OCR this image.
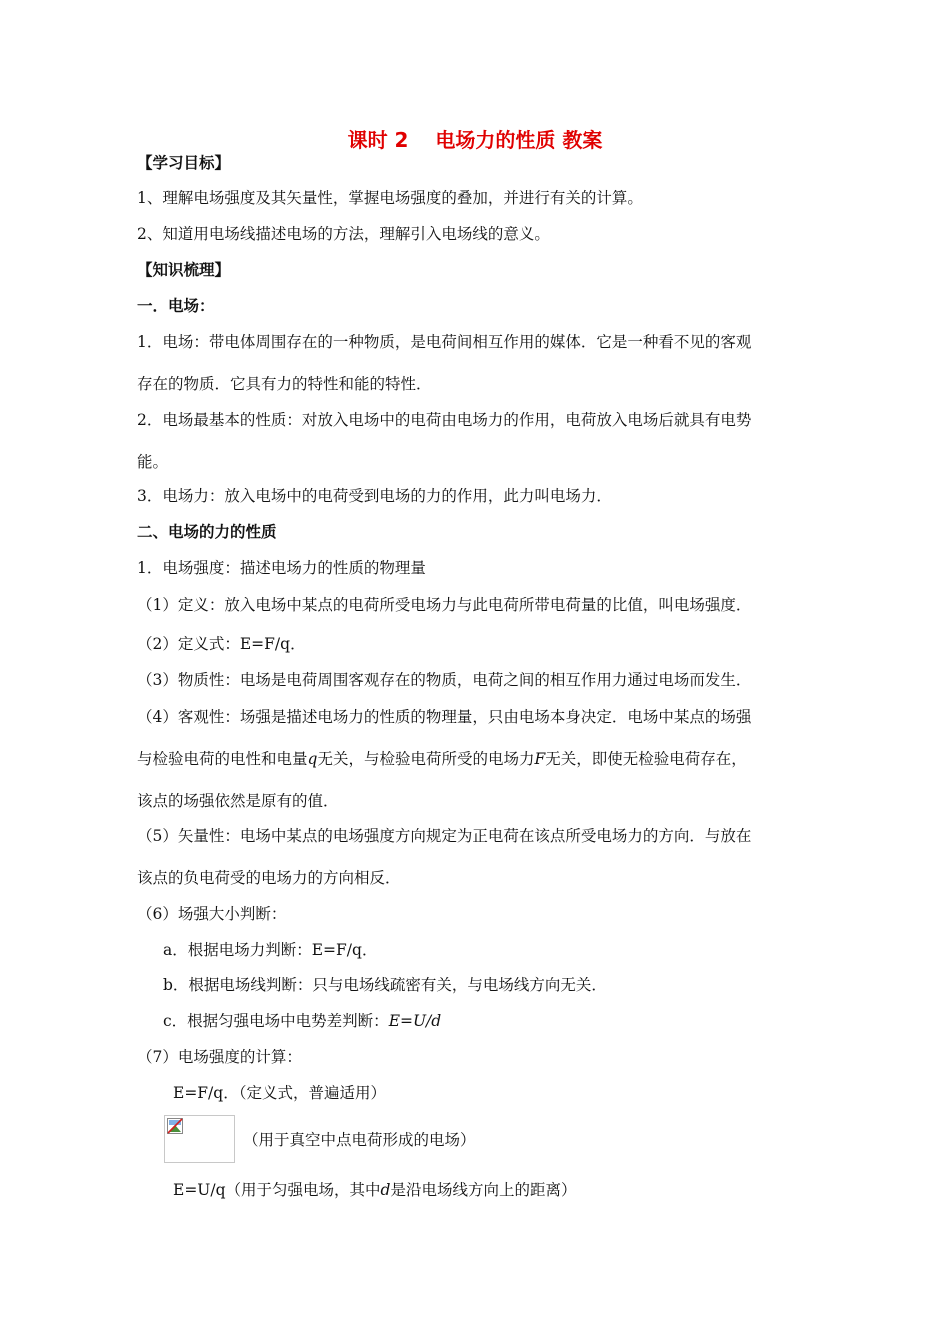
课时 2　 电场力的性质 教案
【学习目标】
1、理解电场强度及其矢量性，掌握电场强度的叠加，并进行有关的计算。
2、知道用电场线描述电场的方法，理解引入电场线的意义。
【知识梳理】
一．电场：
1．电场：带电体周围存在的一种物质，是电荷间相互作用的媒体．它是一种看不见的客观
存在的物质．它具有力的特性和能的特性．
2．电场最基本的性质：对放入电场中的电荷由电场力的作用，电荷放入电场后就具有电势
能。
3．电场力：放入电场中的电荷受到电场的力的作用，此力叫电场力．
二、电场的力的性质
1．电场强度：描述电场力的性质的物理量
（1）定义：放入电场中某点的电荷所受电场力与此电荷所带电荷量的比值，叫电场强度．
（2）定义式：E=F/q．
（3）物质性：电场是电荷周围客观存在的物质，电荷之间的相互作用力通过电场而发生．
（4）客观性：场强是描述电场力的性质的物理量，只由电场本身决定．电场中某点的场强
与检验电荷的电性和电量q无关，与检验电荷所受的电场力F无关，即使无检验电荷存在，
该点的场强依然是原有的值．
（5）矢量性：电场中某点的电场强度方向规定为正电荷在该点所受电场力的方向．与放在
该点的负电荷受的电场力的方向相反．
（6）场强大小判断：
a．根据电场力判断：E=F/q．
b．根据电场线判断：只与电场线疏密有关，与电场线方向无关．
c．根据匀强电场中电势差判断：E=U/d
（7）电场强度的计算：
E=F/q．（定义式，普遍适用）
（用于真空中点电荷形成的电场）
E=U/q（用于匀强电场，其中d是沿电场线方向上的距离）
